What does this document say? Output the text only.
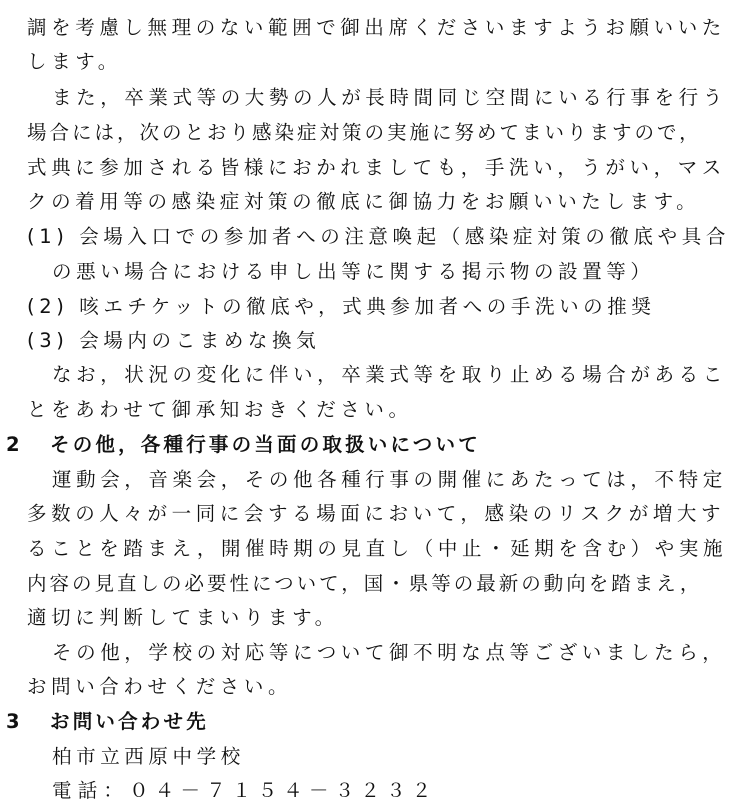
調を考慮し無理のない範囲で御出席くださいますようお願いいた
します。
また，卒業式等の大勢の人が長時間同じ空間にいる行事を行う
場合には，次のとおり感染症対策の実施に努めてまいりますので，
式典に参加される皆様におかれましても，手洗い，うがい，マス
クの着用等の感染症対策の徹底に御協力をお願いいたします。
(1) 会場入口での参加者への注意喚起（感染症対策の徹底や具合
の悪い場合における申し出等に関する掲示物の設置等）
(2) 咳エチケットの徹底や，式典参加者への手洗いの推奨
(3) 会場内のこまめな換気
なお，状況の変化に伴い，卒業式等を取り止める場合があるこ
とをあわせて御承知おきください。
2 その他，各種行事の当面の取扱いについて
運動会，音楽会，その他各種行事の開催にあたっては，不特定
多数の人々が一同に会する場面において，感染のリスクが増大す
ることを踏まえ，開催時期の見直し（中止・延期を含む）や実施
内容の見直しの必要性について，国・県等の最新の動向を踏まえ，
適切に判断してまいります。
その他，学校の対応等について御不明な点等ございましたら，
お問い合わせください。
3 お問い合わせ先
柏市立西原中学校
電話：０４－７１５４－３２３２
